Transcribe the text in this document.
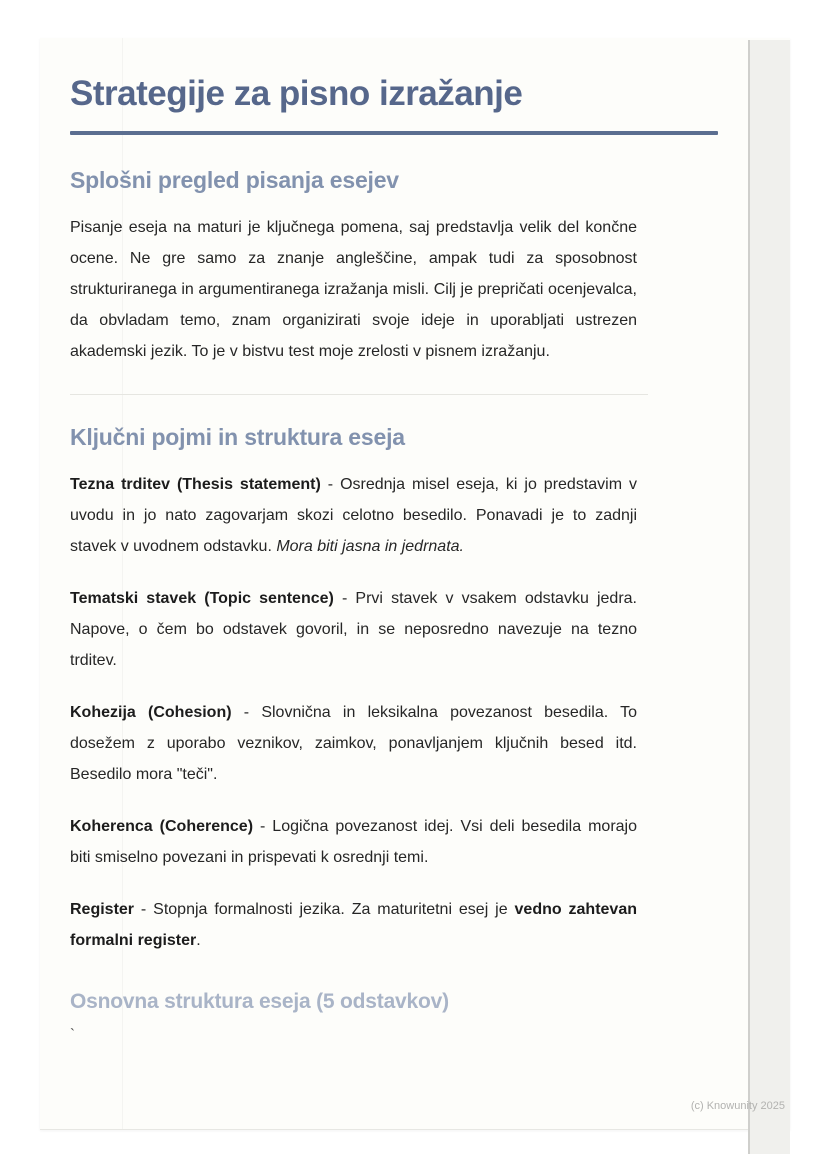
Strategije za pisno izražanje
Splošni pregled pisanja esejev

Pisanje eseja na maturi je ključnega pomena, saj predstavlja velik del končne ocene. Ne gre samo za znanje angleščine, ampak tudi za sposobnost strukturiranega in argumentiranega izražanja misli. Cilj je prepričati ocenjevalca, da obvladam temo, znam organizirati svoje ideje in uporabljati ustrezen akademski jezik. To je v bistvu test moje zrelosti v pisnem izražanju.

Ključni pojmi in struktura eseja

Tezna trditev (Thesis statement) - Osrednja misel eseja, ki jo predstavim v uvodu in jo nato zagovarjam skozi celotno besedilo. Ponavadi je to zadnji stavek v uvodnem odstavku. Mora biti jasna in jedrnata.

Tematski stavek (Topic sentence) - Prvi stavek v vsakem odstavku jedra. Napove, o čem bo odstavek govoril, in se neposredno navezuje na tezno trditev.

Kohezija (Cohesion) - Slovnična in leksikalna povezanost besedila. To dosežem z uporabo veznikov, zaimkov, ponavljanjem ključnih besed itd. Besedilo mora "teči".

Koherenca (Coherence) - Logična povezanost idej. Vsi deli besedila morajo biti smiselno povezani in prispevati k osrednji temi.

Register - Stopnja formalnosti jezika. Za maturitetni esej je vedno zahtevan formalni register.

Osnovna struktura eseja (5 odstavkov)

`

(c) Knowunity 2025
